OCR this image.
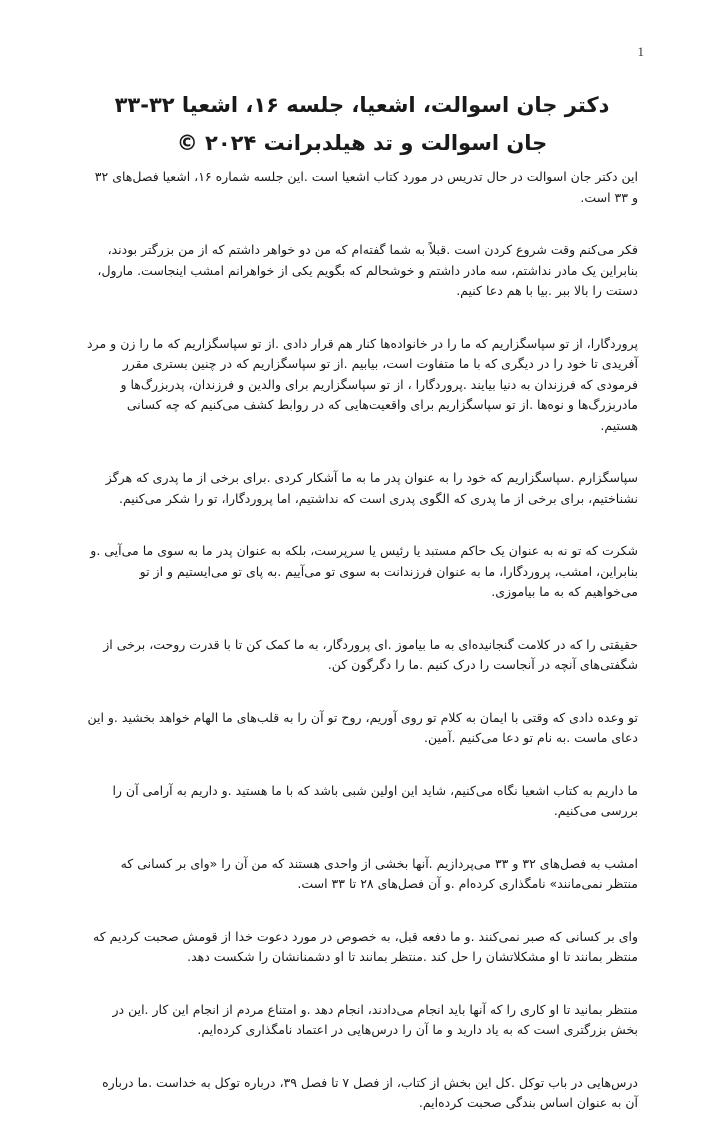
1
دکتر جان اسوالت، اشعیا، جلسه ۱۶، اشعیا ۳۲-۳۳
جان اسوالت و تد هیلدبرانت ۲۰۲۴ ©

این دکتر جان اسوالت در حال تدریس در مورد کتاب اشعیا است .این جلسه شماره ۱۶، اشعیا فصل‌های ۳۲ و ۳۳ است.

فکر می‌کنم وقت شروع کردن است .قبلاً به شما گفته‌ام که من دو خواهر داشتم که از من بزرگتر بودند، بنابراین یک مادر نداشتم، سه مادر داشتم و خوشحالم که بگویم یکی از خواهرانم امشب اینجاست. مارول، دستت را بالا ببر .بیا با هم دعا کنیم.

پروردگارا، از تو سپاسگزاریم که ما را در خانواده‌ها کنار هم قرار دادی .از تو سپاسگزاریم که ما را زن و مرد آفریدی تا خود را در دیگری که با ما متفاوت است، بیابیم .از تو سپاسگزاریم که در چنین بستری مقرر فرمودی که فرزندان به دنیا بیایند .پروردگارا ، از تو سپاسگزاریم برای والدین و فرزندان، پدربزرگ‌ها و مادربزرگ‌ها و نوه‌ها .از تو سپاسگزاریم برای واقعیت‌هایی که در روابط کشف می‌کنیم که چه کسانی هستیم.

سپاسگزارم .سپاسگزاریم که خود را به عنوان پدر ما به ما آشکار کردی .برای برخی از ما پدری که هرگز نشناختیم، برای برخی از ما پدری که الگوی پدری است که نداشتیم، اما پروردگارا، تو را شکر می‌کنیم.

شکرت که تو نه به عنوان یک حاکم مستبد یا رئیس یا سرپرست، بلکه به عنوان پدر ما به سوی ما می‌آیی .و بنابراین، امشب، پروردگارا، ما به عنوان فرزندانت به سوی تو می‌آییم .به پای تو می‌ایستیم و از تو می‌خواهیم که به ما بیاموزی.

حقیقتی را که در کلامت گنجانیده‌ای به ما بیاموز .ای پروردگار، به ما کمک کن تا با قدرت روحت، برخی از شگفتی‌های آنچه در آنجاست را درک کنیم .ما را دگرگون کن.

تو وعده دادی که وقتی با ایمان به کلام تو روی آوریم، روح تو آن را به قلب‌های ما الهام خواهد بخشید .و این دعای ماست .به نام تو دعا می‌کنیم .آمین.

ما داریم به کتاب اشعیا نگاه می‌کنیم، شاید این اولین شبی باشد که با ما هستید .و داریم به آرامی آن را بررسی می‌کنیم.

امشب به فصل‌های ۳۲ و ۳۳ می‌پردازیم .آنها بخشی از واحدی هستند که من آن را «وای بر کسانی که منتظر نمی‌مانند» نامگذاری کرده‌ام .و آن فصل‌های ۲۸ تا ۳۳ است.

وای بر کسانی که صبر نمی‌کنند .و ما دفعه قبل، به خصوص در مورد دعوت خدا از قومش صحبت کردیم که منتظر بمانند تا او مشکلاتشان را حل کند .منتظر بمانند تا او دشمنانشان را شکست دهد.

منتظر بمانید تا او کاری را که آنها باید انجام می‌دادند، انجام دهد .و امتناع مردم از انجام این کار .این در بخش بزرگتری است که به یاد دارید و ما آن را درس‌هایی در اعتماد نامگذاری کرده‌ایم.

درس‌هایی در باب توکل .کل این بخش از کتاب، از فصل ۷ تا فصل ۳۹، درباره توکل به خداست .ما درباره آن به عنوان اساس بندگی صحبت کرده‌ایم.
